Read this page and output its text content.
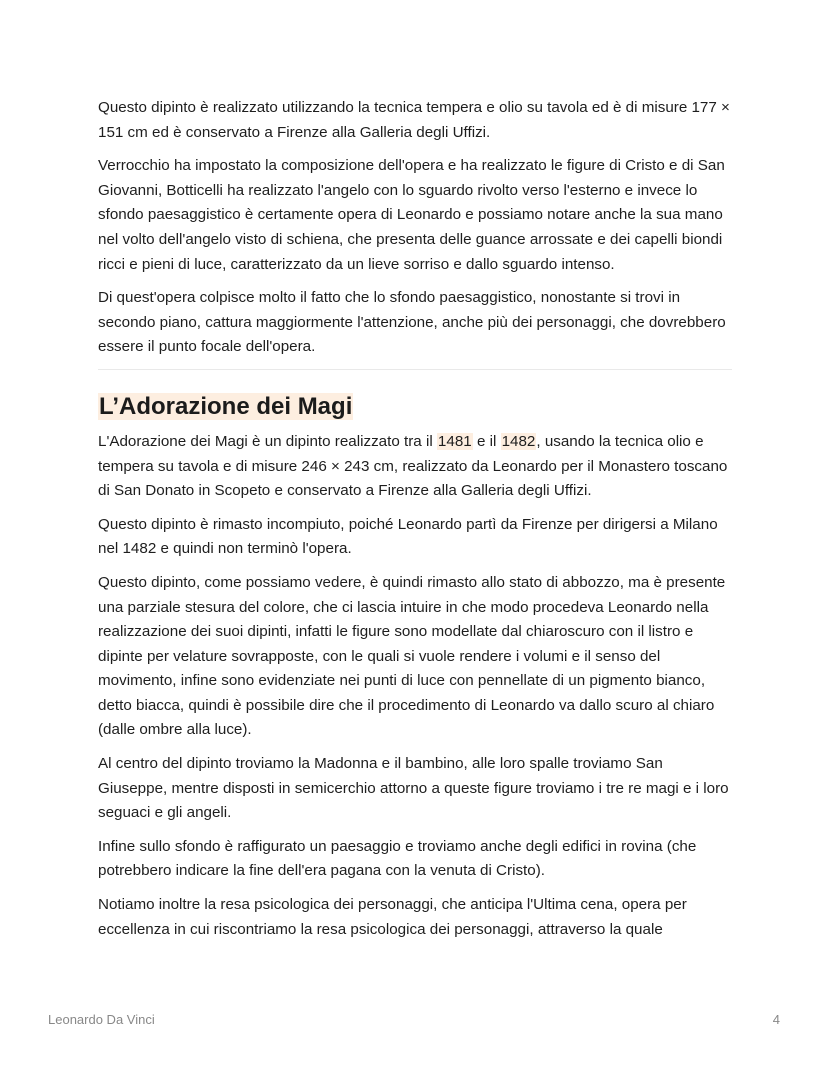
Questo dipinto è realizzato utilizzando la tecnica tempera e olio su tavola ed è di misure 177 × 151 cm ed è conservato a Firenze alla Galleria degli Uffizi.

Verrocchio ha impostato la composizione dell'opera e ha realizzato le figure di Cristo e di San Giovanni, Botticelli ha realizzato l'angelo con lo sguardo rivolto verso l'esterno e invece lo sfondo paesaggistico è certamente opera di Leonardo e possiamo notare anche la sua mano nel volto dell'angelo visto di schiena, che presenta delle guance arrossate e dei capelli biondi ricci e pieni di luce, caratterizzato da un lieve sorriso e dallo sguardo intenso.

Di quest'opera colpisce molto il fatto che lo sfondo paesaggistico, nonostante si trovi in secondo piano, cattura maggiormente l'attenzione, anche più dei personaggi, che dovrebbero essere il punto focale dell'opera.

L’Adorazione dei Magi

L'Adorazione dei Magi è un dipinto realizzato tra il 1481 e il 1482, usando la tecnica olio e tempera su tavola e di misure 246 × 243 cm, realizzato da Leonardo per il Monastero toscano di San Donato in Scopeto e conservato a Firenze alla Galleria degli Uffizi.

Questo dipinto è rimasto incompiuto, poiché Leonardo partì da Firenze per dirigersi a Milano nel 1482 e quindi non terminò l'opera.

Questo dipinto, come possiamo vedere, è quindi rimasto allo stato di abbozzo, ma è presente una parziale stesura del colore, che ci lascia intuire in che modo procedeva Leonardo nella realizzazione dei suoi dipinti, infatti le figure sono modellate dal chiaroscuro con il listro e dipinte per velature sovrapposte, con le quali si vuole rendere i volumi e il senso del movimento, infine sono evidenziate nei punti di luce con pennellate di un pigmento bianco, detto biacca, quindi è possibile dire che il procedimento di Leonardo va dallo scuro al chiaro (dalle ombre alla luce).

Al centro del dipinto troviamo la Madonna e il bambino, alle loro spalle troviamo San Giuseppe, mentre disposti in semicerchio attorno a queste figure troviamo i tre re magi e i loro seguaci e gli angeli.

Infine sullo sfondo è raffigurato un paesaggio e troviamo anche degli edifici in rovina (che potrebbero indicare la fine dell'era pagana con la venuta di Cristo).

Notiamo inoltre la resa psicologica dei personaggi, che anticipa l'Ultima cena, opera per eccellenza in cui riscontriamo la resa psicologica dei personaggi, attraverso la quale

Leonardo Da Vinci	4
